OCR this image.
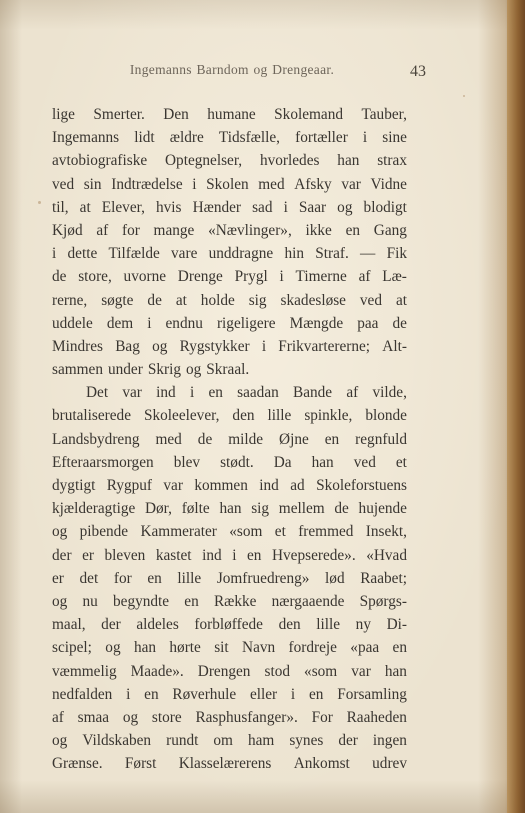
Ingemanns Barndom og Drengeaar.	43
lige Smerter. Den humane Skolemand Tauber,
Ingemanns lidt ældre Tidsfælle, fortæller i sine
avtobiografiske Optegnelser, hvorledes han strax
ved sin Indtrædelse i Skolen med Afsky var Vidne
til, at Elever, hvis Hænder sad i Saar og blodigt
Kjød af for mange «Nævlinger», ikke en Gang
i dette Tilfælde vare unddragne hin Straf. — Fik
de store, uvorne Drenge Prygl i Timerne af Læ-
rerne, søgte de at holde sig skadesløse ved at
uddele dem i endnu rigeligere Mængde paa de
Mindres Bag og Rygstykker i Frikvartererne; Alt-
sammen under Skrig og Skraal.
Det var ind i en saadan Bande af vilde,
brutaliserede Skoleelever, den lille spinkle, blonde
Landsbydreng med de milde Øjne en regnfuld
Efteraarsmorgen blev stødt. Da han ved et
dygtigt Rygpuf var kommen ind ad Skoleforstuens
kjælderagtige Dør, følte han sig mellem de hujende
og pibende Kammerater «som et fremmed Insekt,
der er bleven kastet ind i en Hvepserede». «Hvad
er det for en lille Jomfruedreng» lød Raabet;
og nu begyndte en Række nærgaaende Spørgs-
maal, der aldeles forbløffede den lille ny Di-
scipel; og han hørte sit Navn fordreje «paa en
væmmelig Maade». Drengen stod «som var han
nedfalden i en Røverhule eller i en Forsamling
af smaa og store Rasphusfanger». For Raaheden
og Vildskaben rundt om ham synes der ingen
Grænse. Først Klasselærerens Ankomst udrev
